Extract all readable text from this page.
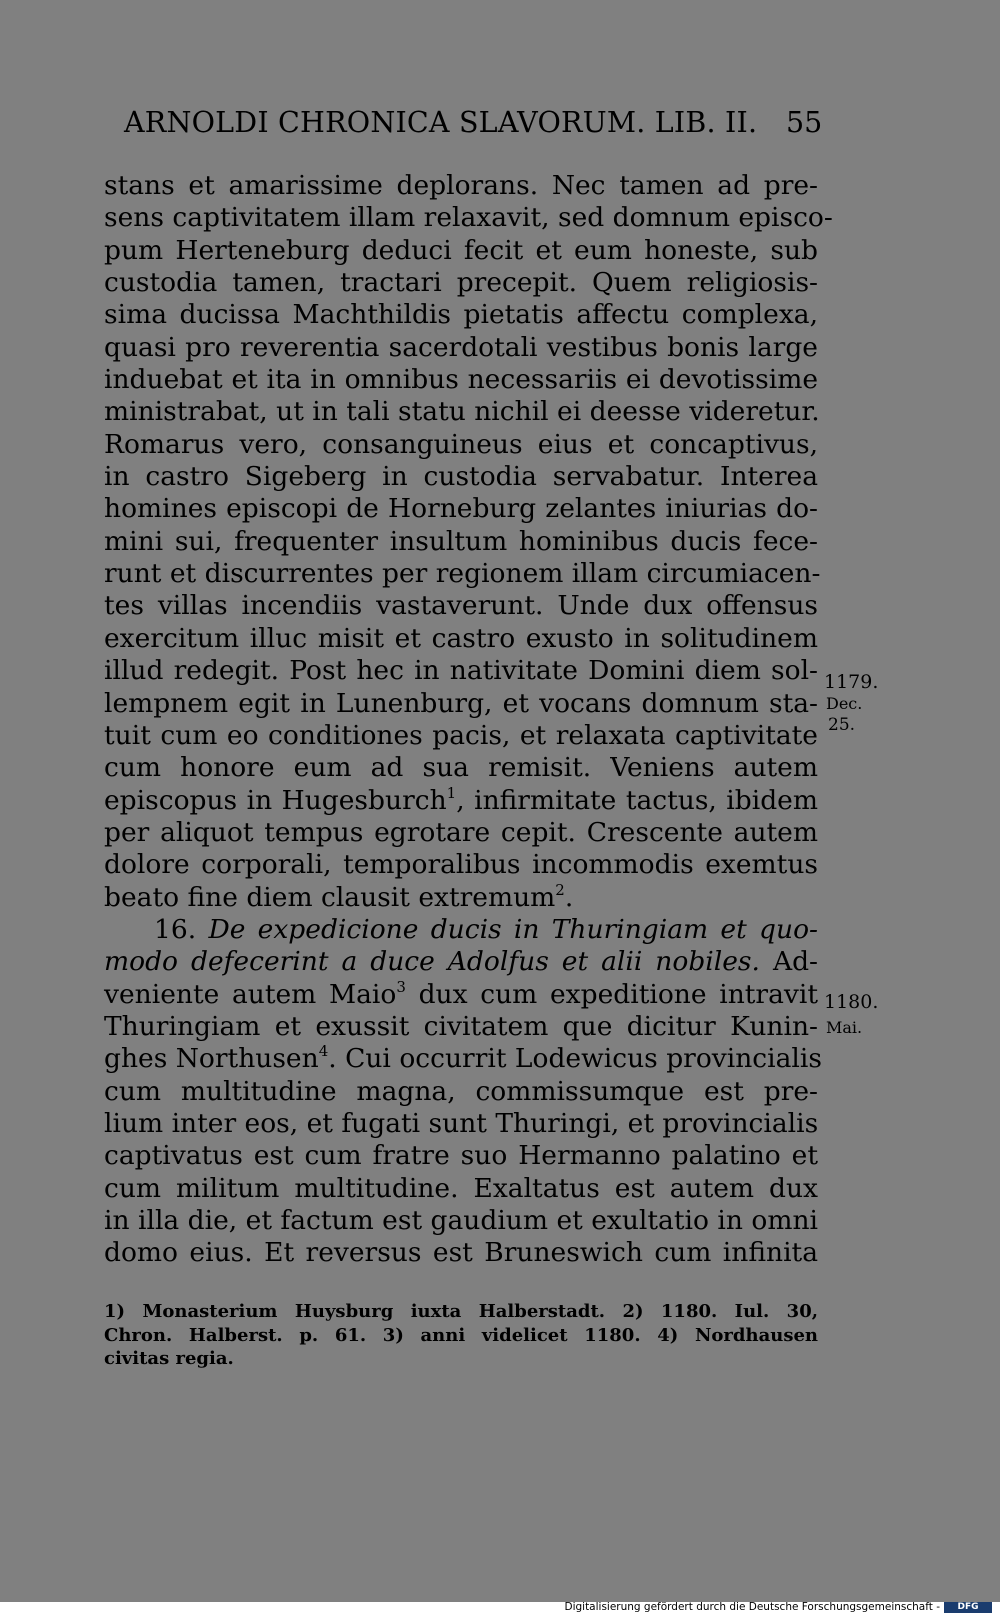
ARNOLDI CHRONICA SLAVORUM. LIB. II. 55
stans et amarissime deplorans. Nec tamen ad pre-
sens captivitatem illam relaxavit, sed domnum episco-
pum Herteneburg deduci fecit et eum honeste, sub
custodia tamen, tractari precepit. Quem religiosis-
sima ducissa Machthildis pietatis affectu complexa,
quasi pro reverentia sacerdotali vestibus bonis large
induebat et ita in omnibus necessariis ei devotissime
ministrabat, ut in tali statu nichil ei deesse videretur.
Romarus vero, consanguineus eius et concaptivus,
in castro Sigeberg in custodia servabatur. Interea
homines episcopi de Horneburg zelantes iniurias do-
mini sui, frequenter insultum hominibus ducis fece-
runt et discurrentes per regionem illam circumiacen-
tes villas incendiis vastaverunt. Unde dux offensus
exercitum illuc misit et castro exusto in solitudinem
illud redegit. Post hec in nativitate Domini diem sol-
lempnem egit in Lunenburg, et vocans domnum sta-
tuit cum eo conditiones pacis, et relaxata captivitate
cum honore eum ad sua remisit. Veniens autem
episcopus in Hugesburch$^1$, infirmitate tactus, ibidem
per aliquot tempus egrotare cepit. Crescente autem
dolore corporali, temporalibus incommodis exemtus
beato fine diem clausit extremum$^2$.
16. De expedicione ducis in Thuringiam et quo-
modo defecerint a duce Adolfus et alii nobiles. Ad-
veniente autem Maio$^3$ dux cum expeditione intravit
Thuringiam et exussit civitatem que dicitur Kunin-
ghes Northusen$^4$. Cui occurrit Lodewicus provincialis
cum multitudine magna, commissumque est pre-
lium inter eos, et fugati sunt Thuringi, et provincialis
captivatus est cum fratre suo Hermanno palatino et
cum militum multitudine. Exaltatus est autem dux
in illa die, et factum est gaudium et exultatio in omni
domo eius. Et reversus est Bruneswich cum infinita
1179.
Dec.
25.
1180.
Mai.
1) Monasterium Huysburg iuxta Halberstadt. 2) 1180. Iul. 30,
Chron. Halberst. p. 61. 3) anni videlicet 1180. 4) Nordhausen
civitas regia.
Digitalisierung gefördert durch die Deutsche Forschungsgemeinschaft -	DFG
